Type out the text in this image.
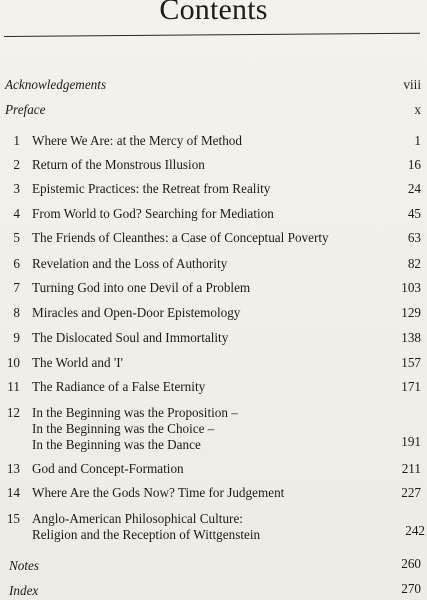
Contents
Acknowledgements	viii
Preface	x
1 Where We Are: at the Mercy of Method	1
2 Return of the Monstrous Illusion	16
3 Epistemic Practices: the Retreat from Reality	24
4 From World to God? Searching for Mediation	45
5 The Friends of Cleanthes: a Case of Conceptual Poverty	63
6 Revelation and the Loss of Authority	82
7 Turning God into one Devil of a Problem	103
8 Miracles and Open-Door Epistemology	129
9 The Dislocated Soul and Immortality	138
10 The World and 'I'	157
11 The Radiance of a False Eternity	171
12 In the Beginning was the Proposition –
In the Beginning was the Choice –
In the Beginning was the Dance	191
13 God and Concept-Formation	211
14 Where Are the Gods Now? Time for Judgement	227
15 Anglo-American Philosophical Culture:
Religion and the Reception of Wittgenstein	242
Notes	260
Index	270
